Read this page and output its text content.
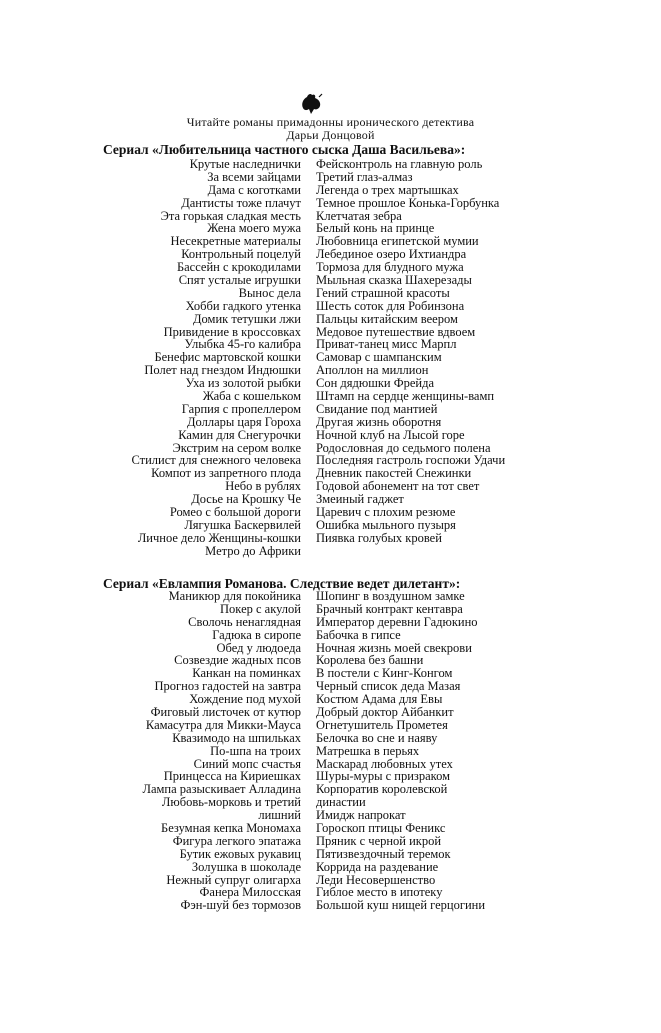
Читайте романы примадонны иронического детектива
Дарьи Донцовой
Сериал «Любительница частного сыска Даша Васильева»:
Крутые наследнички
За всеми зайцами
Дама с коготками
Дантисты тоже плачут
Эта горькая сладкая месть
Жена моего мужа
Несекретные материалы
Контрольный поцелуй
Бассейн с крокодилами
Спят усталые игрушки
Вынос дела
Хобби гадкого утенка
Домик тетушки лжи
Привидение в кроссовках
Улыбка 45-го калибра
Бенефис мартовской кошки
Полет над гнездом Индюшки
Уха из золотой рыбки
Жаба с кошельком
Гарпия с пропеллером
Доллары царя Гороха
Камин для Снегурочки
Экстрим на сером волке
Стилист для снежного человека
Компот из запретного плода
Небо в рублях
Досье на Крошку Че
Ромео с большой дороги
Лягушка Баскервилей
Личное дело Женщины-кошки
Метро до Африки
Фейсконтроль на главную роль
Третий глаз-алмаз
Легенда о трех мартышках
Темное прошлое Конька-Горбунка
Клетчатая зебра
Белый конь на принце
Любовница египетской мумии
Лебединое озеро Ихтиандра
Тормоза для блудного мужа
Мыльная сказка Шахерезады
Гений страшной красоты
Шесть соток для Робинзона
Пальцы китайским веером
Медовое путешествие вдвоем
Приват-танец мисс Марпл
Самовар с шампанским
Аполлон на миллион
Сон дядюшки Фрейда
Штамп на сердце женщины-вамп
Свидание под мантией
Другая жизнь оборотня
Ночной клуб на Лысой горе
Родословная до седьмого полена
Последняя гастроль госпожи Удачи
Дневник пакостей Снежинки
Годовой абонемент на тот свет
Змеиный гаджет
Царевич с плохим резюме
Ошибка мыльного пузыря
Пиявка голубых кровей
Сериал «Евлампия Романова. Следствие ведет дилетант»:
Маникюр для покойника
Покер с акулой
Сволочь ненаглядная
Гадюка в сиропе
Обед у людоеда
Созвездие жадных псов
Канкан на поминках
Прогноз гадостей на завтра
Хождение под мухой
Фиговый листочек от кутюр
Камасутра для Микки-Мауса
Квазимодо на шпильках
По-шпа на троих
Синий мопс счастья
Принцесса на Кириешках
Лампа разыскивает Алладина
Любовь-морковь и третий
лишний
Безумная кепка Мономаха
Фигура легкого эпатажа
Бутик ежовых рукавиц
Золушка в шоколаде
Нежный супруг олигарха
Фанера Милосская
Фэн-шуй без тормозов
Шопинг в воздушном замке
Брачный контракт кентавра
Император деревни Гадюкино
Бабочка в гипсе
Ночная жизнь моей свекрови
Королева без башни
В постели с Кинг-Конгом
Черный список деда Мазая
Костюм Адама для Евы
Добрый доктор Айбанкит
Огнетушитель Прометея
Белочка во сне и наяву
Матрешка в перьях
Маскарад любовных утех
Шуры-муры с призраком
Корпоратив королевской
династии
Имидж напрокат
Гороскоп птицы Феникс
Пряник с черной икрой
Пятизвездочный теремок
Коррида на раздевание
Леди Несовершенство
Гиблое место в ипотеку
Большой куш нищей герцогини
